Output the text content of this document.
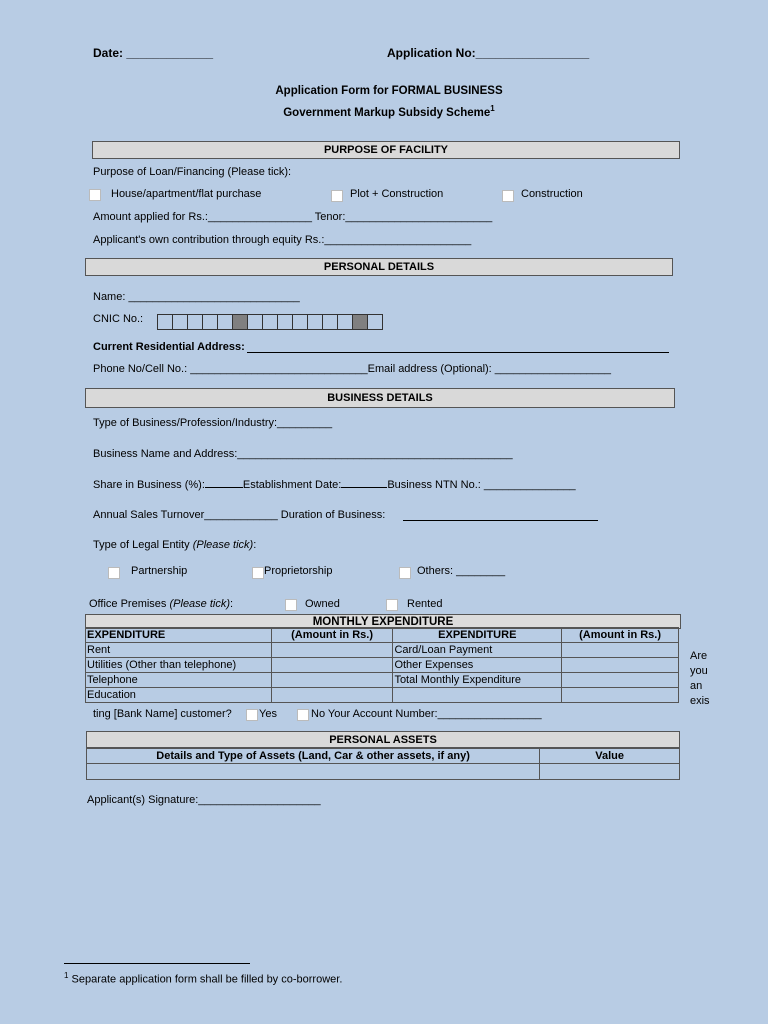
Date: _____________	Application No:_________________
Application Form for FORMAL BUSINESS
Government Markup Subsidy Scheme$^1$
PURPOSE OF FACILITY
Purpose of Loan/Financing (Please tick):
House/apartment/flat purchase	Plot + Construction	Construction
Amount applied for Rs.:_________________ Tenor:________________________
Applicant's own contribution through equity Rs.:________________________
PERSONAL DETAILS
Name: ____________________________
CNIC No.:
Current Residential Address:
Phone No/Cell No.: _____________________________Email address (Optional): ___________________
BUSINESS DETAILS
Type of Business/Profession/Industry:_________
Business Name and Address:_____________________________________________
Share in Business (%):	Establishment Date:	Business NTN No.: _______________
Annual Sales Turnover____________ Duration of Business:
Type of Legal Entity (Please tick):
Partnership	Proprietorship	Others: ________
Office Premises (Please tick):	Owned	Rented
MONTHLY EXPENDITURE
EXPENDITURE	(Amount in Rs.)	EXPENDITURE	(Amount in Rs.)
Rent		Card/Loan Payment	
Utilities (Other than telephone)		Other Expenses	
Telephone		Total Monthly Expenditure	
Education			
Are
you
an
exis
ting [Bank Name] customer? Yes	No Your Account Number:_________________
PERSONAL ASSETS
Details and Type of Assets (Land, Car & other assets, if any)	Value

Applicant(s) Signature:____________________
$^1$ Separate application form shall be filled by co-borrower.
